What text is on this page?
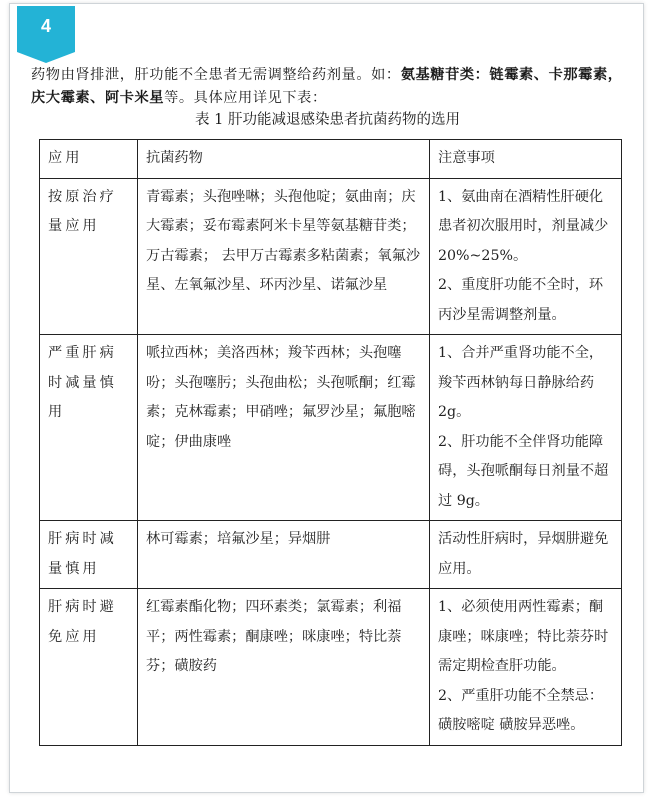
4
药物由肾排泄，肝功能不全患者无需调整给药剂量。如：氨基糖苷类：链霉素、卡那霉素，庆大霉素、阿卡米星等。具体应用详见下表：
表 1 肝功能减退感染患者抗菌药物的选用
应用	抗菌药物	注意事项
按原治疗量应用	青霉素；头孢唑啉；头孢他啶；氨曲南；庆大霉素；妥布霉素阿米卡星等氨基糖苷类；万古霉素； 去甲万古霉素多粘菌素；氧氟沙星、左氧氟沙星、环丙沙星、诺氟沙星	1、氨曲南在酒精性肝硬化患者初次服用时，剂量减少 20%~25%。
2、重度肝功能不全时，环丙沙星需调整剂量。

严重肝病时减量慎用	哌拉西林；美洛西林；羧苄西林；头孢噻吩；头孢噻肟；头孢曲松；头孢哌酮；红霉素；克林霉素；甲硝唑；氟罗沙星；氟胞嘧啶；伊曲康唑	1、合并严重肾功能不全，羧苄西林钠每日静脉给药 2g。
2、肝功能不全伴肾功能障碍，头孢哌酮每日剂量不超过 9g。

肝病时减量慎用	林可霉素；培氟沙星；异烟肼	活动性肝病时，异烟肼避免应用。

肝病时避免应用	红霉素酯化物；四环素类；氯霉素；利福平；两性霉素；酮康唑；咪康唑；特比萘芬；磺胺药	1、必须使用两性霉素；酮康唑；咪康唑；特比萘芬时需定期检查肝功能。
2、严重肝功能不全禁忌：磺胺嘧啶 磺胺异恶唑。
